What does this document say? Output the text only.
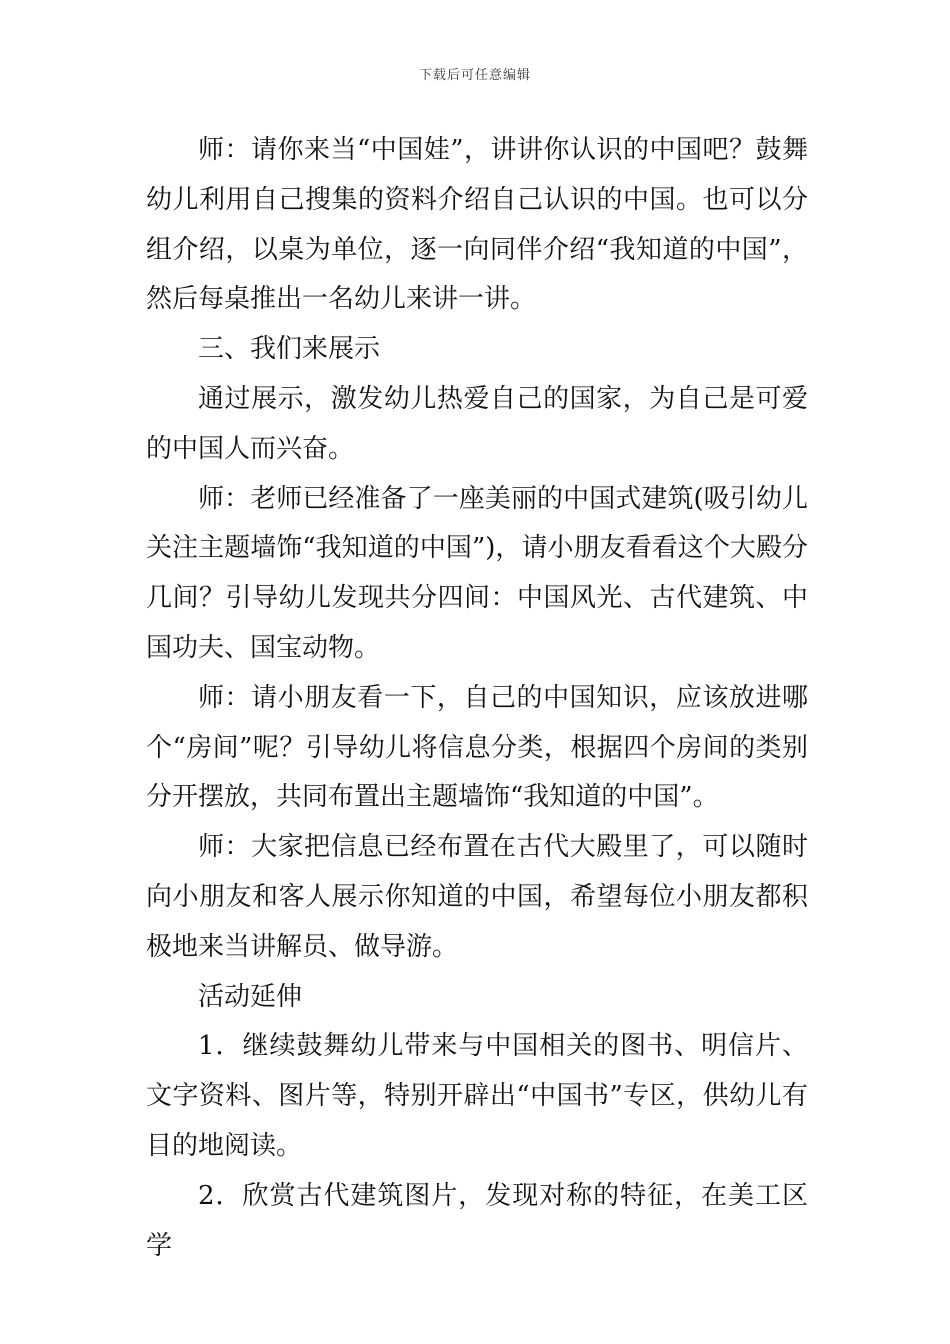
下载后可任意编辑

师：请你来当“中国娃”，讲讲你认识的中国吧？鼓舞幼儿利用自己搜集的资料介绍自己认识的中国。也可以分组介绍，以桌为单位，逐一向同伴介绍“我知道的中国”，然后每桌推出一名幼儿来讲一讲。

三、我们来展示

通过展示，激发幼儿热爱自己的国家，为自己是可爱的中国人而兴奋。

师：老师已经准备了一座美丽的中国式建筑(吸引幼儿关注主题墙饰“我知道的中国”)，请小朋友看看这个大殿分几间？引导幼儿发现共分四间：中国风光、古代建筑、中国功夫、国宝动物。

师：请小朋友看一下，自己的中国知识，应该放进哪个“房间”呢？引导幼儿将信息分类，根据四个房间的类别分开摆放，共同布置出主题墙饰“我知道的中国”。

师：大家把信息已经布置在古代大殿里了，可以随时向小朋友和客人展示你知道的中国，希望每位小朋友都积极地来当讲解员、做导游。

活动延伸

1．继续鼓舞幼儿带来与中国相关的图书、明信片、文字资料、图片等，特别开辟出“中国书”专区，供幼儿有目的地阅读。

2．欣赏古代建筑图片，发现对称的特征，在美工区学
